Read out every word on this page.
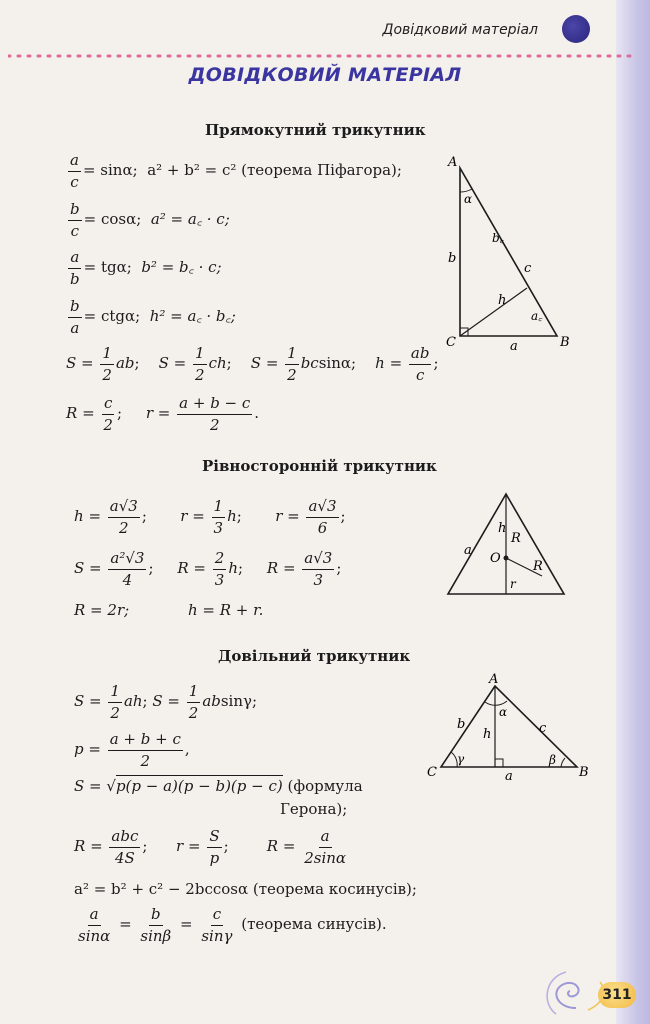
Довідковий матеріал
ДОВІДКОВИЙ МАТЕРІАЛ
Прямокутний трикутник
$\frac{a}{c} = \sin\alpha$; a² + b² = c² (теорема Піфагора);
$\frac{b}{c} = \cos\alpha$; a² = a꜀ · c;
$\frac{a}{b} = tg\alpha$; b² = b꜀ · c;
$\frac{b}{a} = ctg\alpha$; h² = a꜀ · b꜀;
$S = \frac{1}{2}$ ab;    $S = \frac{1}{2}$ ch;    $S = \frac{1}{2} bcsin\alpha$;    $h = \frac{ab}{c}$ ;
$R = \frac{c}{2}$ ;     $r = \frac{a + b - c}{2}$ .
A
B
C	a
b
c
h
b꜀
a꜀
α
Рівносторонній трикутник
$h = \frac{a√3}{2}$ ;       $r = \frac{1}{3} h$;       $r = \frac{a√3}{6}$ ;
$S = \frac{\text{a²√3}}{4}$ ;     $R = \frac{2}{3} h$;     $R = \frac{a√3}{3}$ ;
R = 2r;	h = R + r.
a
h
R
O
R
r
Довільний трикутник
$S = \frac{1}{2}$ ah; $S = \frac{1}{2} absin\gamma$;
$p = \frac{a + b + c}{2}$ ,
S = √p(p − a)(p − b)(p − c) (формула
Герона);
$R = \frac{\text{abc}}{4S}$ ;      $r = \frac{S}{p}$ ;        $R = \frac{a}{2\sin\alpha}$
a² = b² + c² − 2bccosα (теорема косинусів);
$\frac{a}{\sin\alpha} = \frac{b}{\sin\beta} = \frac{c}{\sin\gamma}$ (теорема синусів).
A
B
C	a
b	c
h
α
β
γ
311
